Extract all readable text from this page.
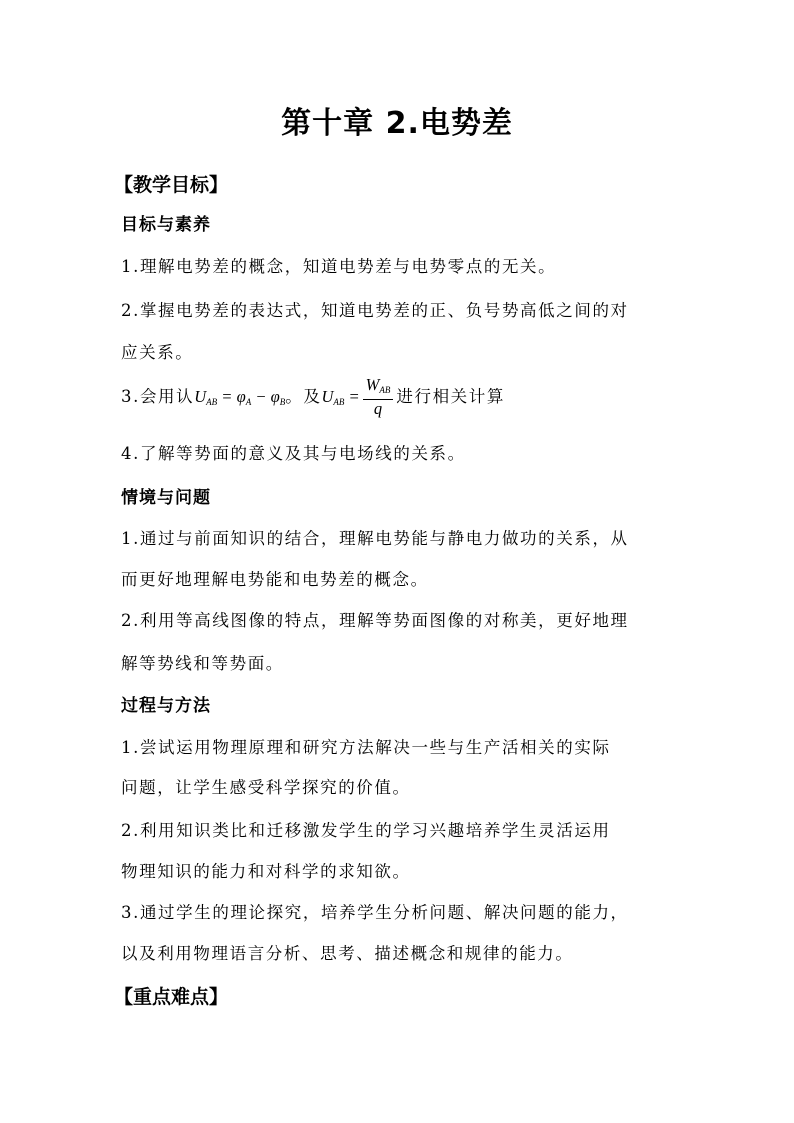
第十章 2.电势差
【教学目标】
目标与素养
1.理解电势差的概念，知道电势差与电势零点的无关。
2.掌握电势差的表达式，知道电势差的正、负号势高低之间的对
应关系。
3.会用认$U_{AB} = \varphi_A - \varphi_B$。及$U_{AB} = \frac{W_{AB}}{q}$ 进行相关计算
4.了解等势面的意义及其与电场线的关系。
情境与问题
1.通过与前面知识的结合，理解电势能与静电力做功的关系，从
而更好地理解电势能和电势差的概念。
2.利用等高线图像的特点，理解等势面图像的对称美，更好地理
解等势线和等势面。
过程与方法
1.尝试运用物理原理和研究方法解决一些与生产活相关的实际
问题，让学生感受科学探究的价值。
2.利用知识类比和迁移激发学生的学习兴趣培养学生灵活运用
物理知识的能力和对科学的求知欲。
3.通过学生的理论探究，培养学生分析问题、解决问题的能力，
以及利用物理语言分析、思考、描述概念和规律的能力。
【重点难点】
